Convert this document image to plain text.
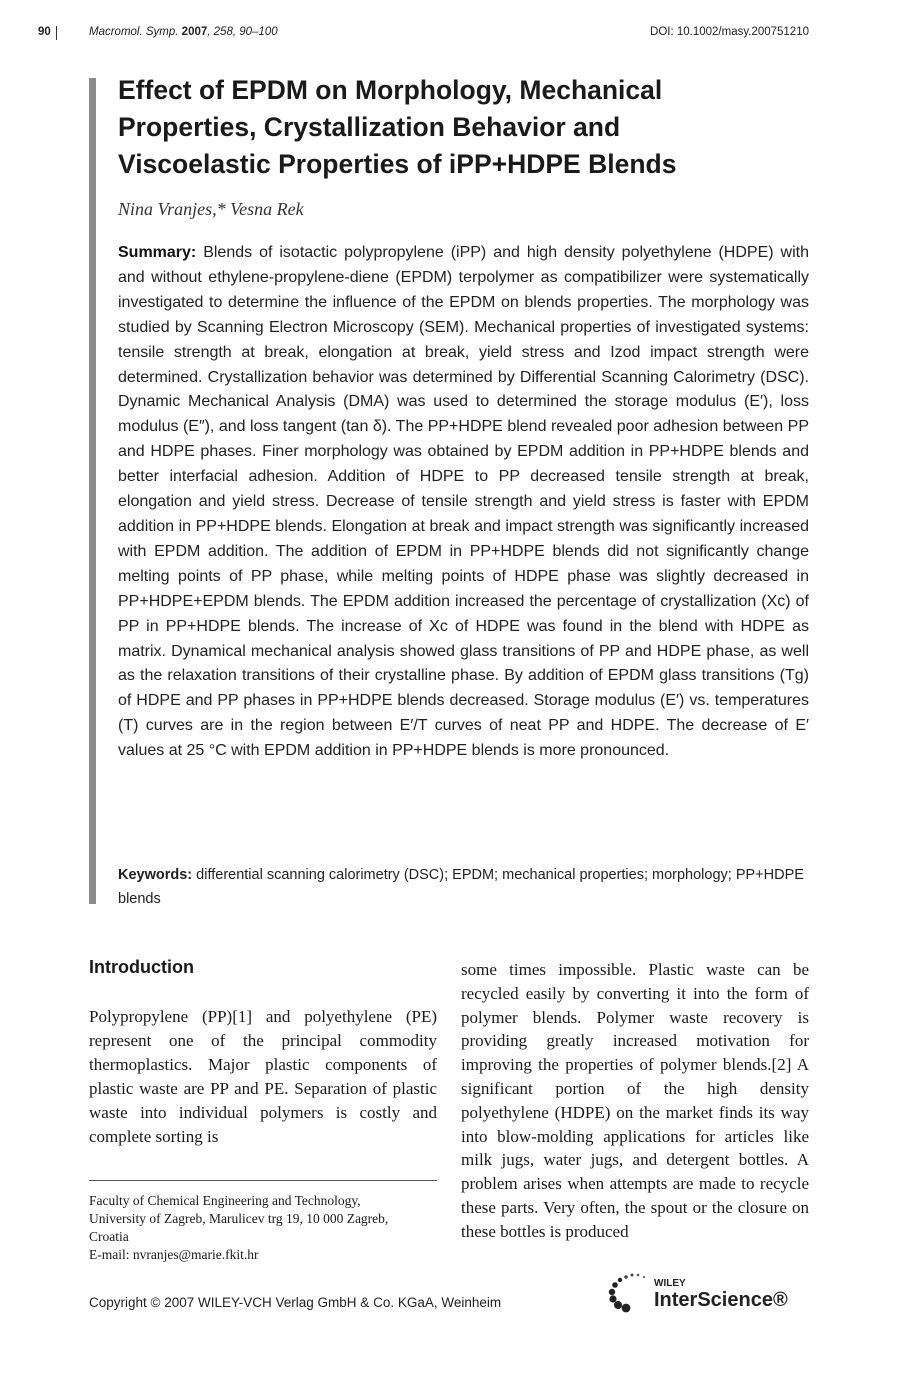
90	Macromol. Symp. 2007, 258, 90–100	DOI: 10.1002/masy.200751210
Effect of EPDM on Morphology, Mechanical
Properties, Crystallization Behavior and
Viscoelastic Properties of iPP+HDPE Blends
Nina Vranjes,* Vesna Rek
Summary: Blends of isotactic polypropylene (iPP) and high density polyethylene (HDPE) with and without ethylene-propylene-diene (EPDM) terpolymer as compatibilizer were systematically investigated to determine the influence of the EPDM on blends properties. The morphology was studied by Scanning Electron Microscopy (SEM). Mechanical properties of investigated systems: tensile strength at break, elongation at break, yield stress and Izod impact strength were determined. Crystallization behavior was determined by Differential Scanning Calorimetry (DSC). Dynamic Mechanical Analysis (DMA) was used to determined the storage modulus (E′), loss modulus (E″), and loss tangent (tan δ). The PP+HDPE blend revealed poor adhesion between PP and HDPE phases. Finer morphology was obtained by EPDM addition in PP+HDPE blends and better interfacial adhesion. Addition of HDPE to PP decreased tensile strength at break, elongation and yield stress. Decrease of tensile strength and yield stress is faster with EPDM addition in PP+HDPE blends. Elongation at break and impact strength was significantly increased with EPDM addition. The addition of EPDM in PP+HDPE blends did not significantly change melting points of PP phase, while melting points of HDPE phase was slightly decreased in PP+HDPE+EPDM blends. The EPDM addition increased the percentage of crystallization (Xc) of PP in PP+HDPE blends. The increase of Xc of HDPE was found in the blend with HDPE as matrix. Dynamical mechanical analysis showed glass transitions of PP and HDPE phase, as well as the relaxation transitions of their crystalline phase. By addition of EPDM glass transitions (Tg) of HDPE and PP phases in PP+HDPE blends decreased. Storage modulus (E′) vs. temperatures (T) curves are in the region between E′/T curves of neat PP and HDPE. The decrease of E′ values at 25 °C with EPDM addition in PP+HDPE blends is more pronounced.
Keywords: differential scanning calorimetry (DSC); EPDM; mechanical properties; morphology; PP+HDPE blends
Introduction
Polypropylene (PP)[1] and polyethylene (PE) represent one of the principal commodity thermoplastics. Major plastic components of plastic waste are PP and PE. Separation of plastic waste into individual polymers is costly and complete sorting is
some times impossible. Plastic waste can be recycled easily by converting it into the form of polymer blends. Polymer waste recovery is providing greatly increased motivation for improving the properties of polymer blends.[2] A significant portion of the high density polyethylene (HDPE) on the market finds its way into blow-molding applications for articles like milk jugs, water jugs, and detergent bottles. A problem arises when attempts are made to recycle these parts. Very often, the spout or the closure on these bottles is produced
Faculty of Chemical Engineering and Technology,
University of Zagreb, Marulicev trg 19, 10 000 Zagreb,
Croatia
E-mail: nvranjes@marie.fkit.hr
Copyright © 2007 WILEY-VCH Verlag GmbH & Co. KGaA, Weinheim
WILEY
InterScience®
